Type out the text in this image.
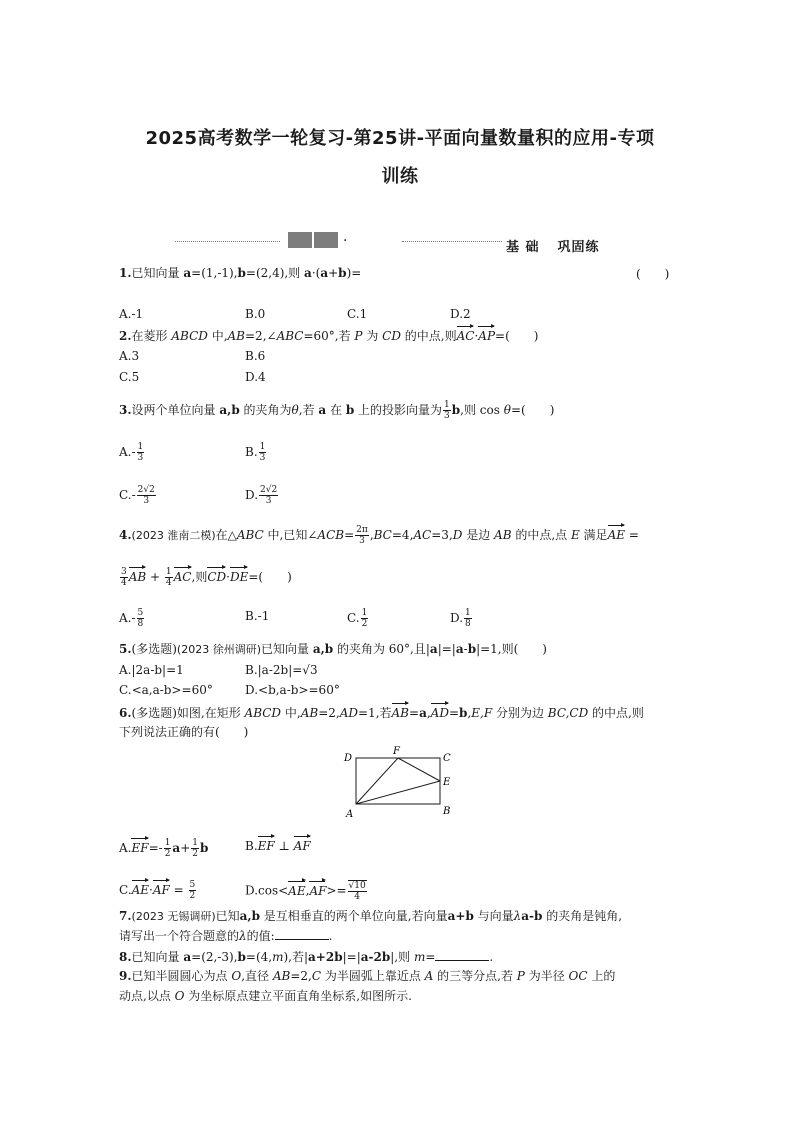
2025高考数学一轮复习-第25讲-平面向量数量积的应用-专项
训练
·	基 础 巩固练
1.已知向量 a=(1,-1),b=(2,4),则 a·(a+b)=	(　　)
A.-1	B.0	C.1	D.2
2.在菱形 ABCD 中,AB=2,∠ABC=60°,若 P 为 CD 的中点,则AC·AP=(　　)
A.3	B.6
C.5	D.4
3.设两个单位向量 a,b 的夹角为θ,若 a 在 b 上的投影向量为 $\frac{1}{3} b$,则 cos θ=(　　)
$A.- \frac{1}{3}$	B. $\frac{1}{3}$
$C.- \frac{2√2}{3}$	D. $\frac{2√2}{3}$
4.(2023 淮南二模)在△ABC 中,已知∠ACB= $\frac{2\pi}{3} ,BC=4,AC=3,D$ 是边 AB 的中点,点 E 满足AE =
$\frac{3}{4}$ AB + $\frac{1}{4}$ AC,则CD·DE=(　　)
$A.- \frac{5}{8}$	B.-1	C. $\frac{1}{2}$	D. $\frac{1}{8}$
5.(多选题)(2023 徐州调研)已知向量 a,b 的夹角为 60°,且|a|=|a-b|=1,则(　　)
A.|2a-b|=1	B.|a-2b|=√3
C.<a,a-b>=60°	D.<b,a-b>=60°
6.(多选题)如图,在矩形 ABCD 中,AB=2,AD=1,若AB=a,AD=b,E,F 分别为边 BC,CD 的中点,则
下列说法正确的有(　　)
D
F
C
E
A	B
$A.EF=- \frac{1}{2} a+ \frac{1}{2}$ b	B.EF ⊥ AF
$C.AE\cdot AF = \frac{5}{2}$	$D.\cos<AE,AF>= \frac{√10}{4}$
7.(2023 无锡调研)已知a,b 是互相垂直的两个单位向量,若向量a+b 与向量λa-b 的夹角是钝角,
请写出一个符合题意的λ的值:	.
8.已知向量 a=(2,-3),b=(4,m),若|a+2b|=|a-2b|,则 m=	.
9.已知半圆圆心为点 O,直径 AB=2,C 为半圆弧上靠近点 A 的三等分点,若 P 为半径 OC 上的
动点,以点 O 为坐标原点建立平面直角坐标系,如图所示.
